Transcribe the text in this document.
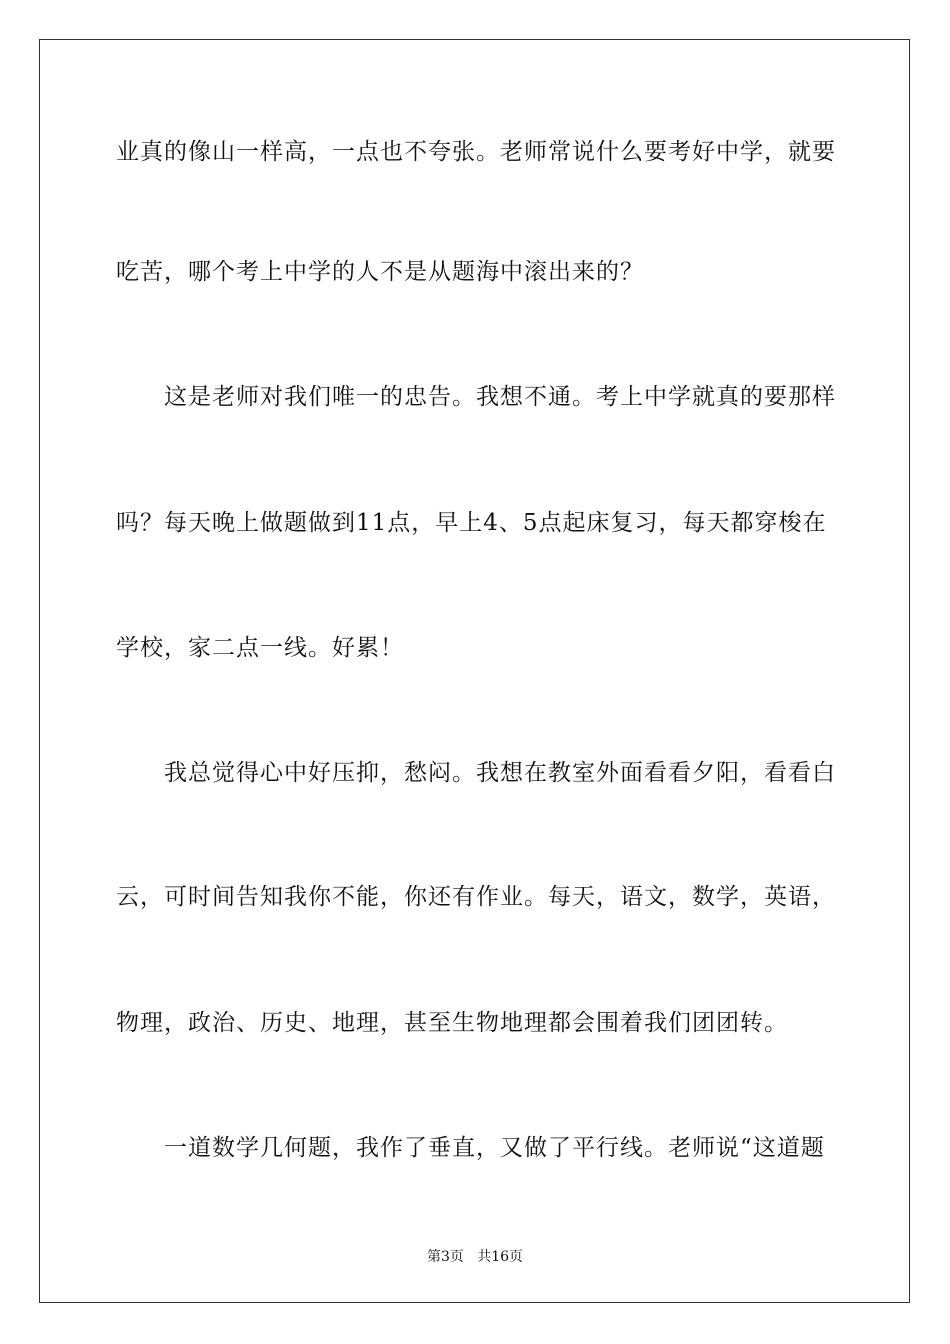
业真的像山一样高，一点也不夸张。老师常说什么要考好中学，就要
吃苦，哪个考上中学的人不是从题海中滚出来的？
这是老师对我们唯一的忠告。我想不通。考上中学就真的要那样
吗？每天晚上做题做到11点，早上4、5点起床复习，每天都穿梭在
学校，家二点一线。好累！
我总觉得心中好压抑，愁闷。我想在教室外面看看夕阳，看看白
云，可时间告知我你不能，你还有作业。每天，语文，数学，英语，
物理，政治、历史、地理，甚至生物地理都会围着我们团团转。
一道数学几何题，我作了垂直，又做了平行线。老师说“这道题
第3页   共16页
